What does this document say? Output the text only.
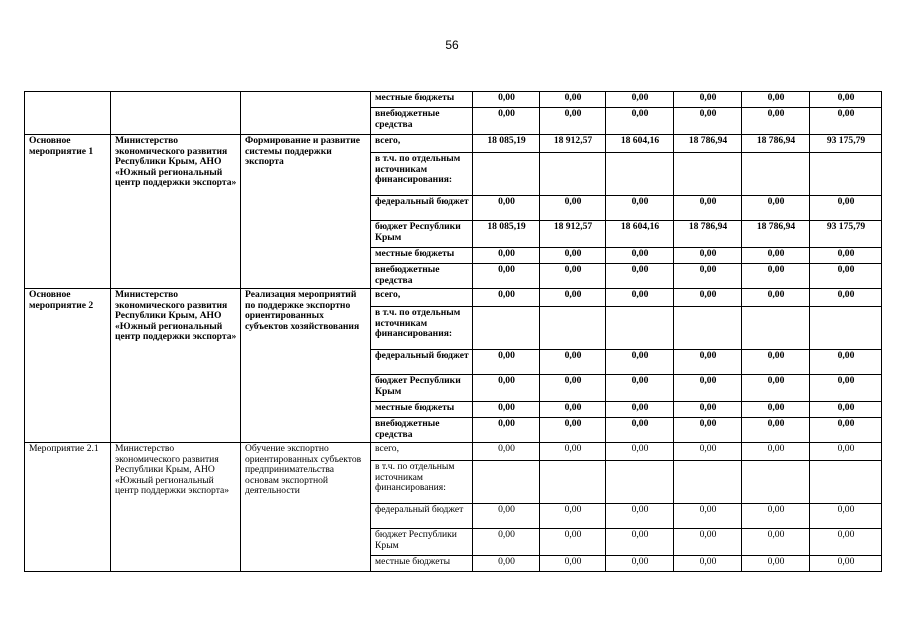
56
			местные бюджеты	0,00	0,00	0,00	0,00	0,00	0,00
			внебюджетные средства	0,00	0,00	0,00	0,00	0,00	0,00
Основное мероприятие 1	Министерство экономического развития Республики Крым, АНО «Южный региональный центр поддержки экспорта»	Формирование и развитие системы поддержки экспорта	всего,	18 085,19	18 912,57	18 604,16	18 786,94	18 786,94	93 175,79
			в т.ч. по отдельным источникам финансирования:						
			федеральный бюджет	0,00	0,00	0,00	0,00	0,00	0,00
			бюджет Республики Крым	18 085,19	18 912,57	18 604,16	18 786,94	18 786,94	93 175,79
			местные бюджеты	0,00	0,00	0,00	0,00	0,00	0,00
			внебюджетные средства	0,00	0,00	0,00	0,00	0,00	0,00
Основное мероприятие 2	Министерство экономического развития Республики Крым, АНО «Южный региональный центр поддержки экспорта»	Реализация мероприятий по поддержке экспортно ориентированных субъектов хозяйствования	всего,	0,00	0,00	0,00	0,00	0,00	0,00
			в т.ч. по отдельным источникам финансирования:						
			федеральный бюджет	0,00	0,00	0,00	0,00	0,00	0,00
			бюджет Республики Крым	0,00	0,00	0,00	0,00	0,00	0,00
			местные бюджеты	0,00	0,00	0,00	0,00	0,00	0,00
			внебюджетные средства	0,00	0,00	0,00	0,00	0,00	0,00
Мероприятие 2.1	Министерство экономического развития Республики Крым, АНО «Южный региональный центр поддержки экспорта»	Обучение экспортно ориентированных субъектов предпринимательства основам экспортной деятельности	всего,	0,00	0,00	0,00	0,00	0,00	0,00
			в т.ч. по отдельным источникам финансирования:						
			федеральный бюджет	0,00	0,00	0,00	0,00	0,00	0,00
			бюджет Республики Крым	0,00	0,00	0,00	0,00	0,00	0,00
			местные бюджеты	0,00	0,00	0,00	0,00	0,00	0,00
